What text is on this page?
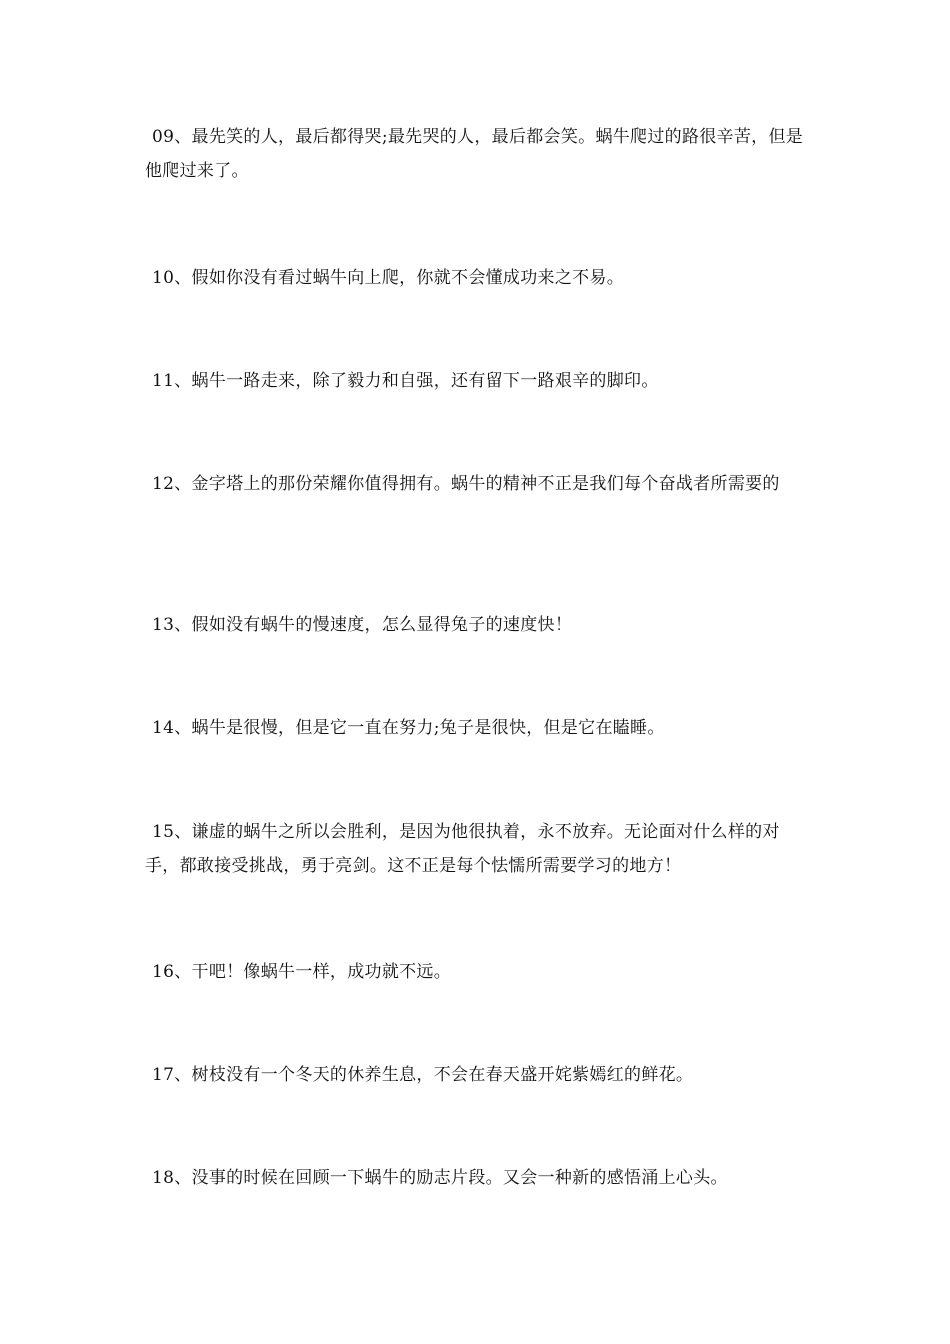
09、最先笑的人，最后都得哭;最先哭的人，最后都会笑。蜗牛爬过的路很辛苦，但是他爬过来了。

10、假如你没有看过蜗牛向上爬，你就不会懂成功来之不易。

11、蜗牛一路走来，除了毅力和自强，还有留下一路艰辛的脚印。

12、金字塔上的那份荣耀你值得拥有。蜗牛的精神不正是我们每个奋战者所需要的

13、假如没有蜗牛的慢速度，怎么显得兔子的速度快！

14、蜗牛是很慢，但是它一直在努力;兔子是很快，但是它在瞌睡。

15、谦虚的蜗牛之所以会胜利，是因为他很执着，永不放弃。无论面对什么样的对手，都敢接受挑战，勇于亮剑。这不正是每个怯懦所需要学习的地方！

16、干吧！像蜗牛一样，成功就不远。

17、树枝没有一个冬天的休养生息，不会在春天盛开姹紫嫣红的鲜花。

18、没事的时候在回顾一下蜗牛的励志片段。又会一种新的感悟涌上心头。
